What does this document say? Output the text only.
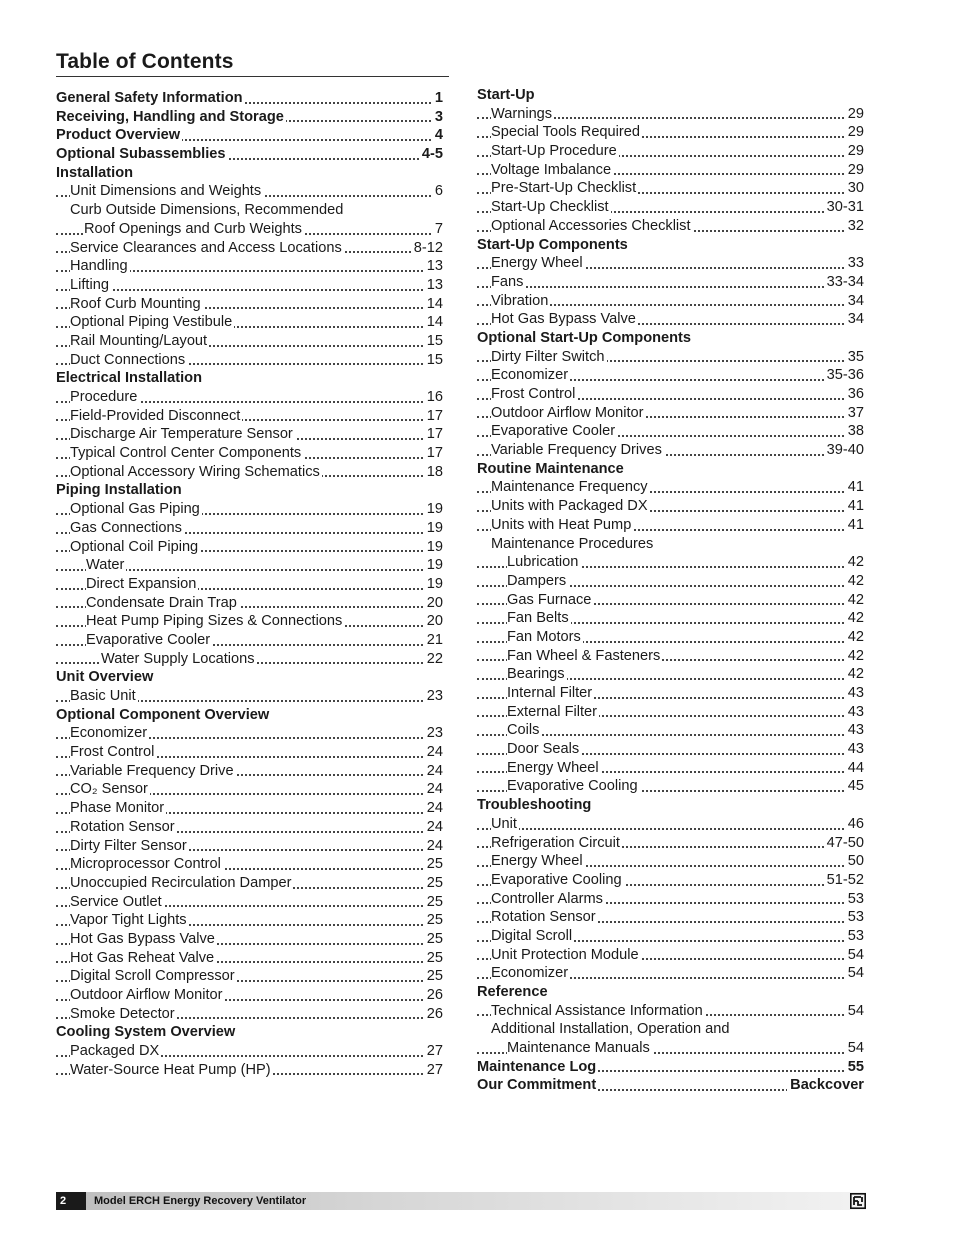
Table of Contents
General Safety Information	1
Receiving, Handling and Storage	3
Product Overview	4
Optional Subassemblies	4-5
Installation
Unit Dimensions and Weights	6
Curb Outside Dimensions, Recommended
Roof Openings and Curb Weights	7
Service Clearances and Access Locations	8-12
Handling	13
Lifting	13
Roof Curb Mounting	14
Optional Piping Vestibule	14
Rail Mounting/Layout	15
Duct Connections	15
Electrical Installation
Procedure	16
Field-Provided Disconnect	17
Discharge Air Temperature Sensor	17
Typical Control Center Components	17
Optional Accessory Wiring Schematics	18
Piping Installation
Optional Gas Piping	19
Gas Connections	19
Optional Coil Piping	19
Water	19
Direct Expansion	19
Condensate Drain Trap	20
Heat Pump Piping Sizes & Connections	20
Evaporative Cooler	21
Water Supply Locations	22
Unit Overview
Basic Unit	23
Optional Component Overview
Economizer	23
Frost Control	24
Variable Frequency Drive	24
CO₂ Sensor	24
Phase Monitor	24
Rotation Sensor	24
Dirty Filter Sensor	24
Microprocessor Control	25
Unoccupied Recirculation Damper	25
Service Outlet	25
Vapor Tight Lights	25
Hot Gas Bypass Valve	25
Hot Gas Reheat Valve	25
Digital Scroll Compressor	25
Outdoor Airflow Monitor	26
Smoke Detector	26
Cooling System Overview
Packaged DX	27
Water-Source Heat Pump (HP)	27
Start-Up
Warnings	29
Special Tools Required	29
Start-Up Procedure	29
Voltage Imbalance	29
Pre-Start-Up Checklist	30
Start-Up Checklist	30-31
Optional Accessories Checklist	32
Start-Up Components
Energy Wheel	33
Fans	33-34
Vibration	34
Hot Gas Bypass Valve	34
Optional Start-Up Components
Dirty Filter Switch	35
Economizer	35-36
Frost Control	36
Outdoor Airflow Monitor	37
Evaporative Cooler	38
Variable Frequency Drives	39-40
Routine Maintenance
Maintenance Frequency	41
Units with Packaged DX	41
Units with Heat Pump	41
Maintenance Procedures
Lubrication	42
Dampers	42
Gas Furnace	42
Fan Belts	42
Fan Motors	42
Fan Wheel & Fasteners	42
Bearings	42
Internal Filter	43
External Filter	43
Coils	43
Door Seals	43
Energy Wheel	44
Evaporative Cooling	45
Troubleshooting
Unit	46
Refrigeration Circuit	47-50
Energy Wheel	50
Evaporative Cooling	51-52
Controller Alarms	53
Rotation Sensor	53
Digital Scroll	53
Unit Protection Module	54
Economizer	54
Reference
Technical Assistance Information	54
Additional Installation, Operation and
Maintenance Manuals	54
Maintenance Log	55
Our Commitment	Backcover
2	Model ERCH Energy Recovery Ventilator
